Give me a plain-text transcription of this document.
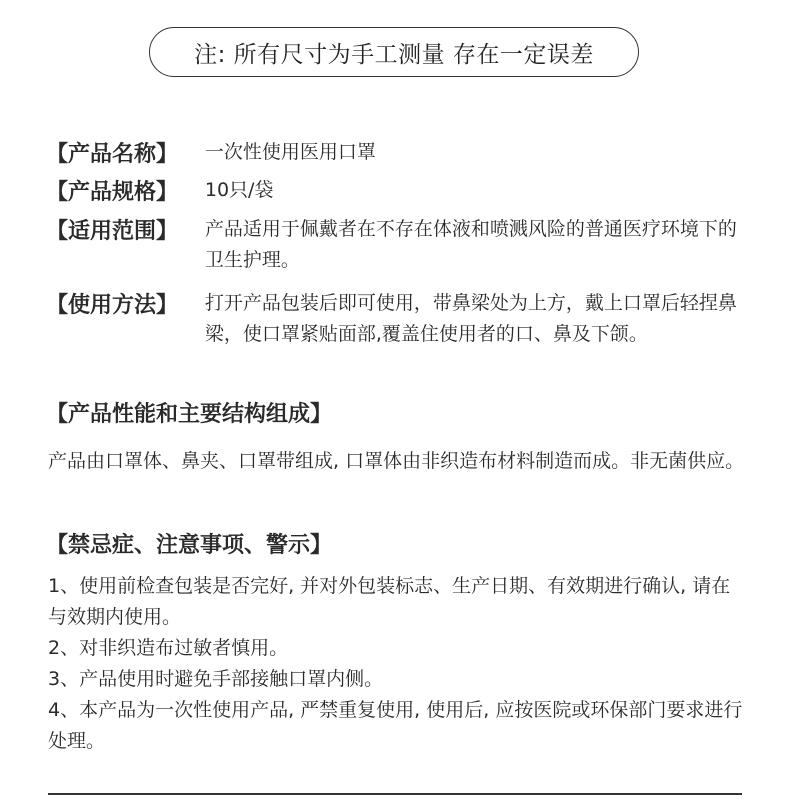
注: 所有尺寸为手工测量 存在一定误差
【产品名称】	一次性使用医用口罩
【产品规格】	10只/袋
【适用范围】	产品适用于佩戴者在不存在体液和喷溅风险的普通医疗环境下的卫生护理。
【使用方法】	打开产品包装后即可使用，带鼻梁处为上方，戴上口罩后轻捏鼻梁，使口罩紧贴面部,覆盖住使用者的口、鼻及下颌。
【产品性能和主要结构组成】
产品由口罩体、鼻夹、口罩带组成, 口罩体由非织造布材料制造而成。非无菌供应。
【禁忌症、注意事项、警示】
1、使用前检查包装是否完好, 并对外包装标志、生产日期、有效期进行确认, 请在与效期内使用。
2、对非织造布过敏者慎用。
3、产品使用时避免手部接触口罩内侧。
4、本产品为一次性使用产品, 严禁重复使用, 使用后, 应按医院或环保部门要求进行处理。
